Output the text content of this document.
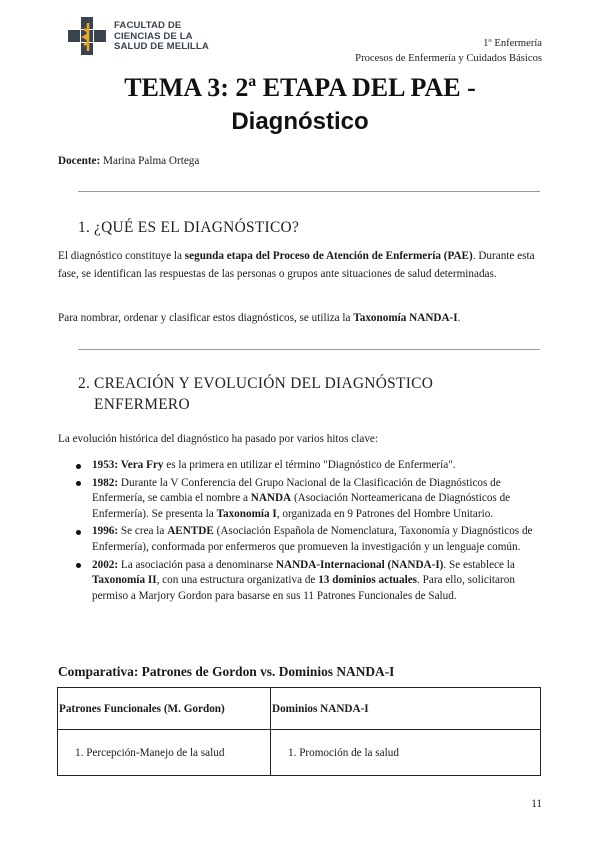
FACULTAD DE
CIENCIAS DE LA
SALUD DE MELILLA	1º Enfermería
Procesos de Enfermería y Cuidados Básicos
TEMA 3: 2ª ETAPA DEL PAE -
Diagnóstico
Docente: Marina Palma Ortega
1. ¿QUÉ ES EL DIAGNÓSTICO?
El diagnóstico constituye la segunda etapa del Proceso de Atención de Enfermería (PAE). Durante esta fase, se identifican las respuestas de las personas o grupos ante situaciones de salud determinadas.
Para nombrar, ordenar y clasificar estos diagnósticos, se utiliza la Taxonomía NANDA-I.
2. CREACIÓN Y EVOLUCIÓN DEL DIAGNÓSTICO
ENFERMERO
La evolución histórica del diagnóstico ha pasado por varios hitos clave:
1953: Vera Fry es la primera en utilizar el término "Diagnóstico de Enfermería".
1982: Durante la V Conferencia del Grupo Nacional de la Clasificación de Diagnósticos de Enfermería, se cambia el nombre a NANDA (Asociación Norteamericana de Diagnósticos de Enfermería). Se presenta la Taxonomía I, organizada en 9 Patrones del Hombre Unitario.
1996: Se crea la AENTDE (Asociación Española de Nomenclatura, Taxonomía y Diagnósticos de Enfermería), conformada por enfermeros que promueven la investigación y un lenguaje común.
2002: La asociación pasa a denominarse NANDA-Internacional (NANDA-I). Se establece la Taxonomía II, con una estructura organizativa de 13 dominios actuales. Para ello, solicitaron permiso a Marjory Gordon para basarse en sus 11 Patrones Funcionales de Salud.
Comparativa: Patrones de Gordon vs. Dominios NANDA-I
Patrones Funcionales (M. Gordon)	Dominios NANDA-I

1. Percepción-Manejo de la salud	1. Promoción de la salud
11
